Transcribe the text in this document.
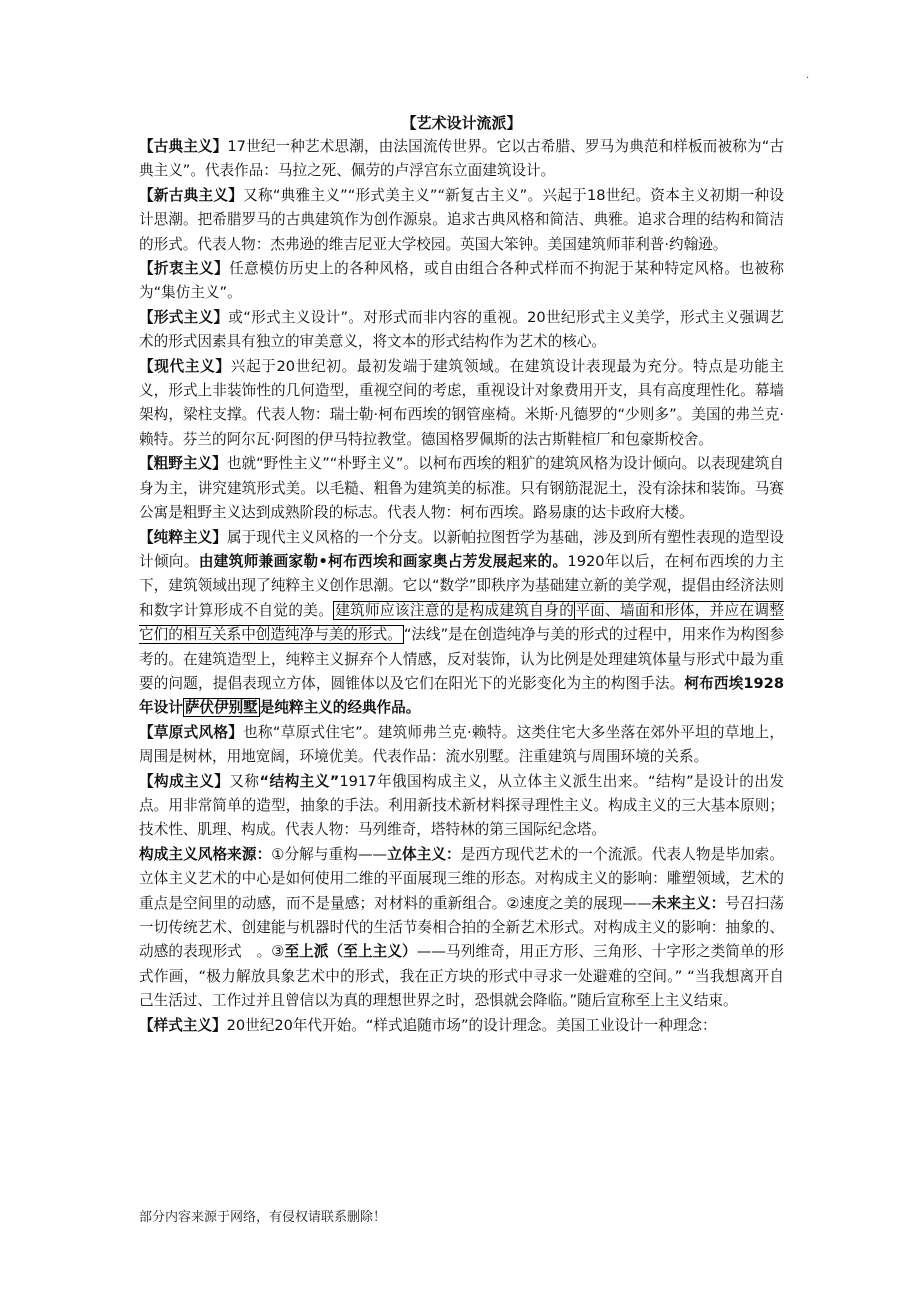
.
【艺术设计流派】

【古典主义】17世纪一种艺术思潮，由法国流传世界。它以古希腊、罗马为典范和样板而被称为“古典主义”。代表作品：马拉之死、佩劳的卢浮宫东立面建筑设计。

【新古典主义】又称“典雅主义”“形式美主义”“新复古主义”。兴起于18世纪。资本主义初期一种设计思潮。把希腊罗马的古典建筑作为创作源泉。追求古典风格和简洁、典雅。追求合理的结构和简洁的形式。代表人物：杰弗逊的维吉尼亚大学校园。英国大笨钟。美国建筑师菲利普·约翰逊。

【折衷主义】任意模仿历史上的各种风格，或自由组合各种式样而不拘泥于某种特定风格。也被称为“集仿主义”。

【形式主义】或“形式主义设计”。对形式而非内容的重视。20世纪形式主义美学，形式主义强调艺术的形式因素具有独立的审美意义，将文本的形式结构作为艺术的核心。

【现代主义】兴起于20世纪初。最初发端于建筑领域。在建筑设计表现最为充分。特点是功能主义，形式上非装饰性的几何造型，重视空间的考虑，重视设计对象费用开支，具有高度理性化。幕墙架构，梁柱支撑。代表人物：瑞士勒·柯布西埃的钢管座椅。米斯·凡德罗的“少则多”。美国的弗兰克·赖特。芬兰的阿尔瓦·阿图的伊马特拉教堂。德国格罗佩斯的法古斯鞋楦厂和包豪斯校舍。

【粗野主义】也就“野性主义”“朴野主义”。以柯布西埃的粗犷的建筑风格为设计倾向。以表现建筑自身为主，讲究建筑形式美。以毛糙、粗鲁为建筑美的标准。只有钢筋混泥土，没有涂抹和装饰。马赛公寓是粗野主义达到成熟阶段的标志。代表人物：柯布西埃。路易康的达卡政府大楼。

【纯粹主义】属于现代主义风格的一个分支。以新帕拉图哲学为基础，涉及到所有塑性表现的造型设计倾向。由建筑师兼画家勒•柯布西埃和画家奥占芳发展起来的。1920年以后，在柯布西埃的力主下，建筑领域出现了纯粹主义创作思潮。它以“数学”即秩序为基础建立新的美学观，提倡由经济法则和数字计算形成不自觉的美。 建筑师应该注意的是构成建筑自身的平面、墙面和形体，并应在调整它们的相互关系中创造纯净与美的形式。 “法线”是在创造纯净与美的形式的过程中，用来作为构图参考的。在建筑造型上，纯粹主义摒弃个人情感，反对装饰，认为比例是处理建筑体量与形式中最为重要的问题，提倡表现立方体，圆锥体以及它们在阳光下的光影变化为主的构图手法。柯布西埃1928年设计 萨伏伊别墅 是纯粹主义的经典作品。

【草原式风格】也称“草原式住宅”。建筑师弗兰克·赖特。这类住宅大多坐落在郊外平坦的草地上，周围是树林，用地宽阔，环境优美。代表作品：流水别墅。注重建筑与周围环境的关系。

【构成主义】又称“结构主义”1917年俄国构成主义，从立体主义派生出来。“结构”是设计的出发点。用非常简单的造型，抽象的手法。利用新技术新材料探寻理性主义。构成主义的三大基本原则；技术性、肌理、构成。代表人物：马列维奇，塔特林的第三国际纪念塔。

构成主义风格来源：①分解与重构——立体主义：是西方现代艺术的一个流派。代表人物是毕加索。立体主义艺术的中心是如何使用二维的平面展现三维的形态。对构成主义的影响：雕塑领域，艺术的重点是空间里的动感，而不是量感；对材料的重新组合。②速度之美的展现——未来主义：号召扫荡一切传统艺术、创建能与机器时代的生活节奏相合拍的全新艺术形式。对构成主义的影响：抽象的、动感的表现形式　。③至上派（至上主义）——马列维奇，用正方形、三角形、十字形之类简单的形式作画，“极力解放具象艺术中的形式，我在正方块的形式中寻求一处避难的空间。” “当我想离开自己生活过、工作过并且曾信以为真的理想世界之时，恐惧就会降临。”随后宣称至上主义结束。

【样式主义】20世纪20年代开始。“样式追随市场”的设计理念。美国工业设计一种理念：

部分内容来源于网络，有侵权请联系删除！
